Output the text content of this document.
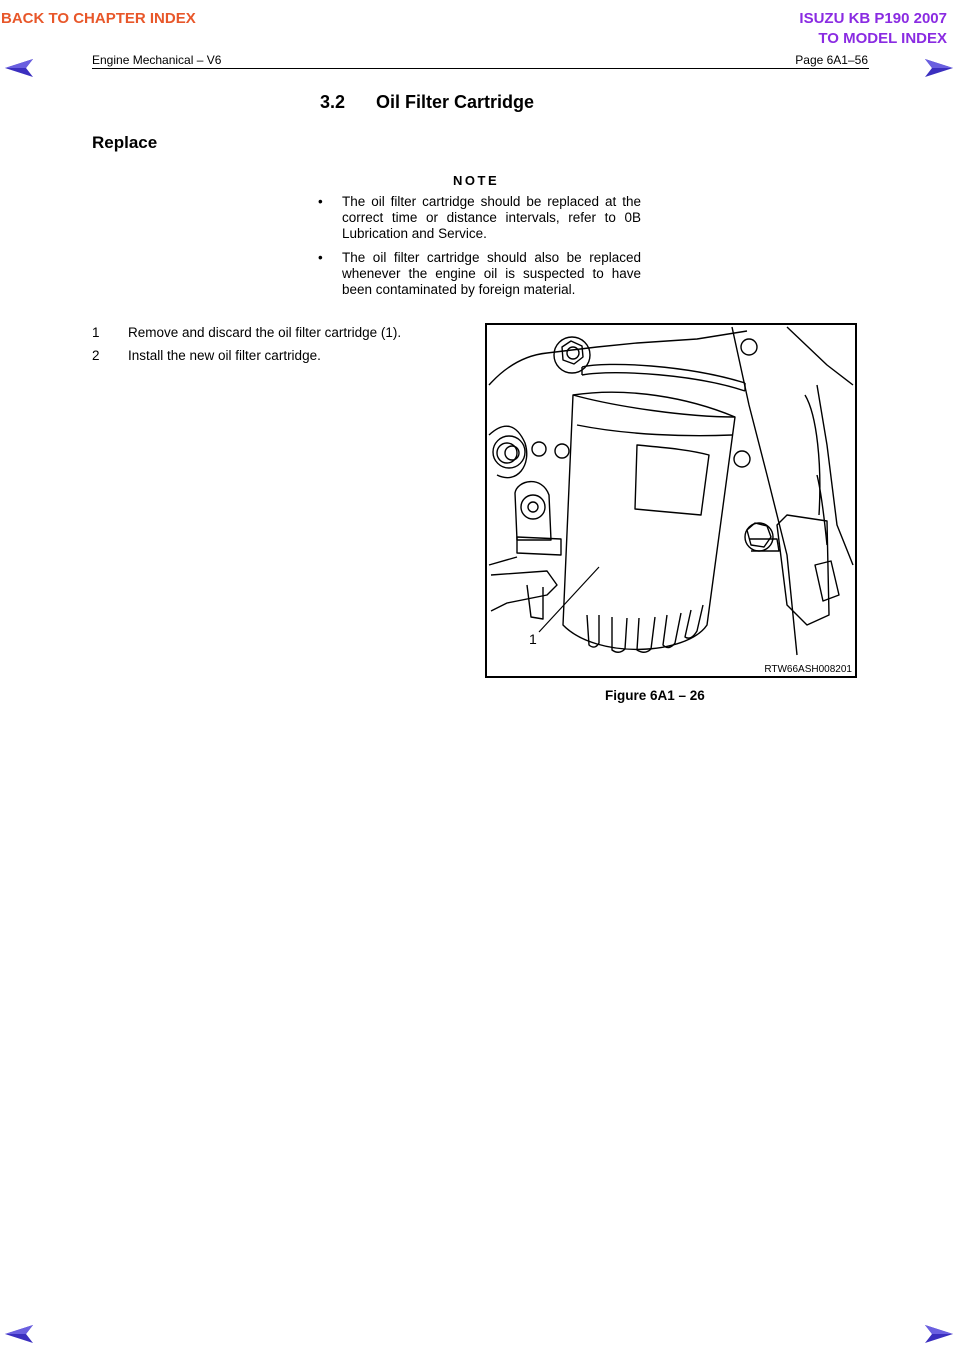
BACK TO CHAPTER INDEX	ISUZU KB P190 2007
TO MODEL INDEX
Engine Mechanical – V6	Page 6A1–56
3.2 Oil Filter Cartridge
Replace
NOTE
• The oil filter cartridge should be replaced at the correct time or distance intervals, refer to 0B Lubrication and Service.
• The oil filter cartridge should also be replaced whenever the engine oil is suspected to have been contaminated by foreign material.
1 Remove and discard the oil filter cartridge (1).
2 Install the new oil filter cartridge.
1
RTW66ASH008201
Figure 6A1 – 26
